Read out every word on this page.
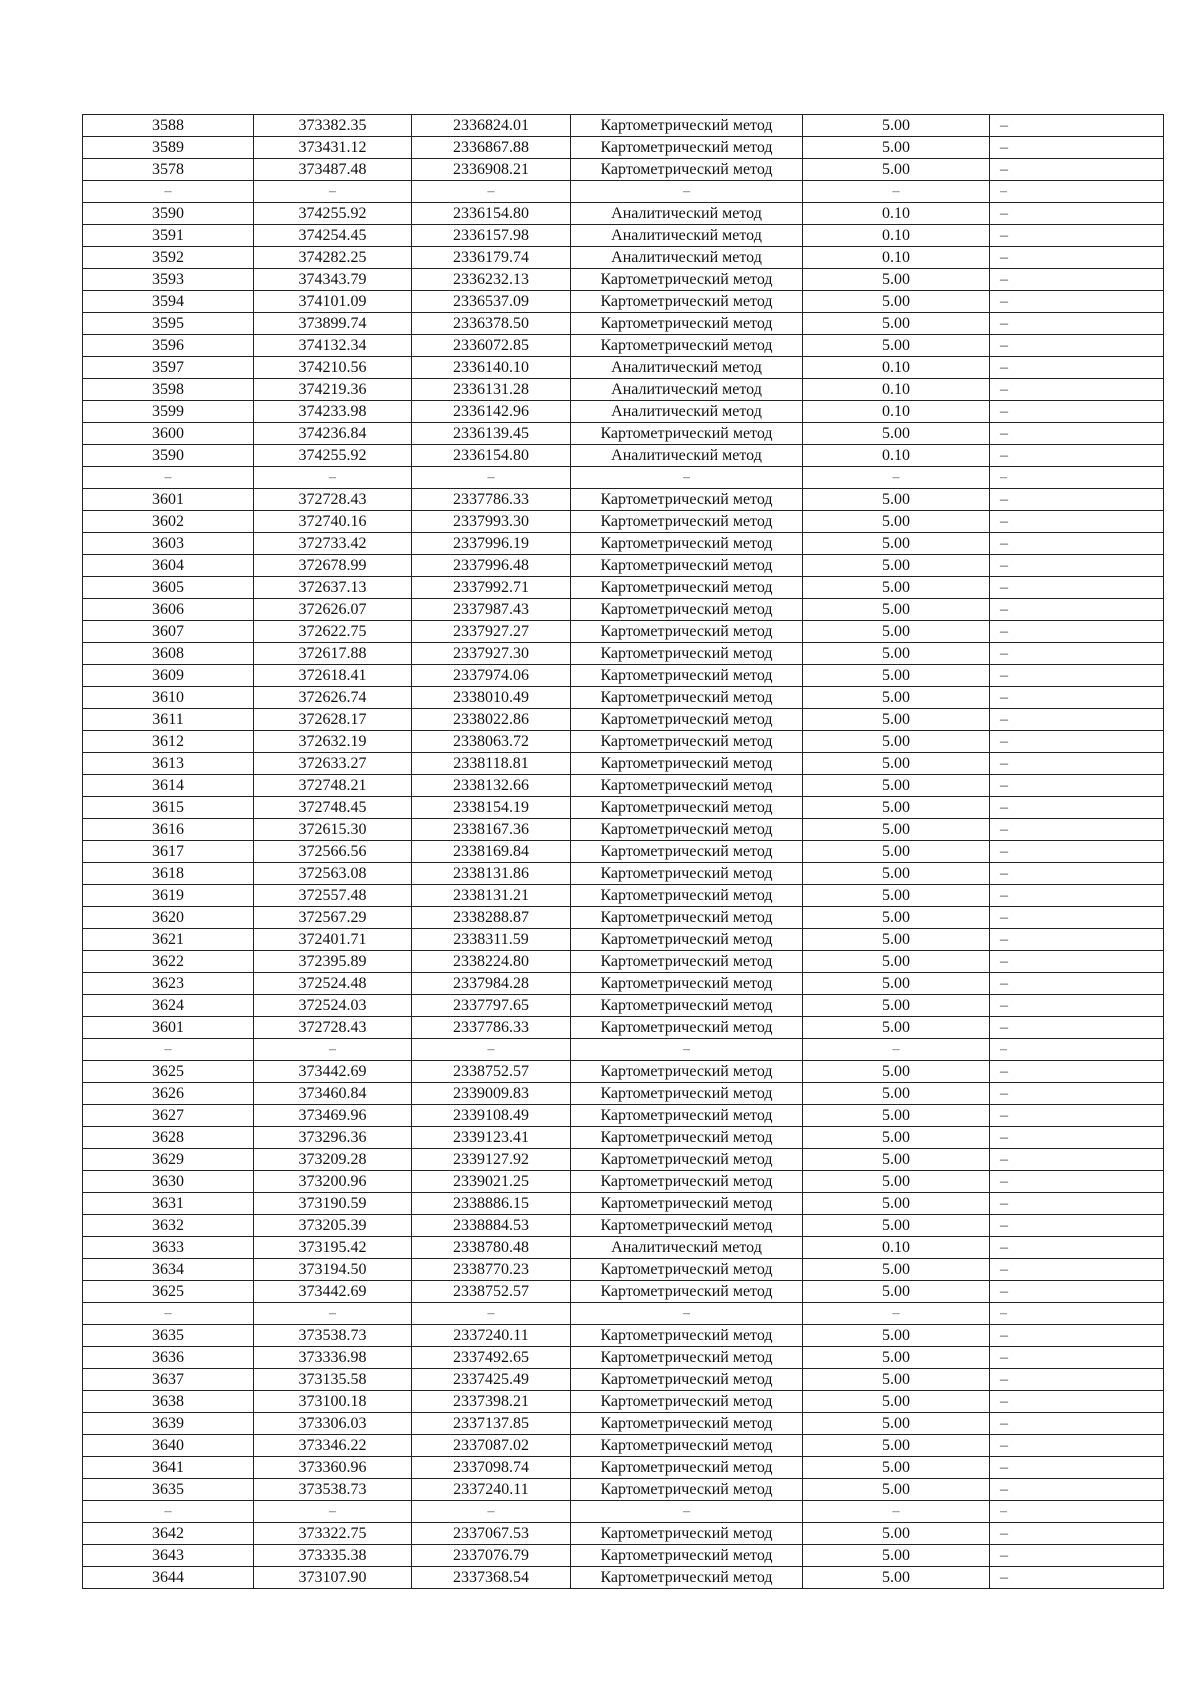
3588	373382.35	2336824.01	Картометрический метод	5.00	–
3589	373431.12	2336867.88	Картометрический метод	5.00	–
3578	373487.48	2336908.21	Картометрический метод	5.00	–
–	–	–	–	–	–
3590	374255.92	2336154.80	Аналитический метод	0.10	–
3591	374254.45	2336157.98	Аналитический метод	0.10	–
3592	374282.25	2336179.74	Аналитический метод	0.10	–
3593	374343.79	2336232.13	Картометрический метод	5.00	–
3594	374101.09	2336537.09	Картометрический метод	5.00	–
3595	373899.74	2336378.50	Картометрический метод	5.00	–
3596	374132.34	2336072.85	Картометрический метод	5.00	–
3597	374210.56	2336140.10	Аналитический метод	0.10	–
3598	374219.36	2336131.28	Аналитический метод	0.10	–
3599	374233.98	2336142.96	Аналитический метод	0.10	–
3600	374236.84	2336139.45	Картометрический метод	5.00	–
3590	374255.92	2336154.80	Аналитический метод	0.10	–
–	–	–	–	–	–
3601	372728.43	2337786.33	Картометрический метод	5.00	–
3602	372740.16	2337993.30	Картометрический метод	5.00	–
3603	372733.42	2337996.19	Картометрический метод	5.00	–
3604	372678.99	2337996.48	Картометрический метод	5.00	–
3605	372637.13	2337992.71	Картометрический метод	5.00	–
3606	372626.07	2337987.43	Картометрический метод	5.00	–
3607	372622.75	2337927.27	Картометрический метод	5.00	–
3608	372617.88	2337927.30	Картометрический метод	5.00	–
3609	372618.41	2337974.06	Картометрический метод	5.00	–
3610	372626.74	2338010.49	Картометрический метод	5.00	–
3611	372628.17	2338022.86	Картометрический метод	5.00	–
3612	372632.19	2338063.72	Картометрический метод	5.00	–
3613	372633.27	2338118.81	Картометрический метод	5.00	–
3614	372748.21	2338132.66	Картометрический метод	5.00	–
3615	372748.45	2338154.19	Картометрический метод	5.00	–
3616	372615.30	2338167.36	Картометрический метод	5.00	–
3617	372566.56	2338169.84	Картометрический метод	5.00	–
3618	372563.08	2338131.86	Картометрический метод	5.00	–
3619	372557.48	2338131.21	Картометрический метод	5.00	–
3620	372567.29	2338288.87	Картометрический метод	5.00	–
3621	372401.71	2338311.59	Картометрический метод	5.00	–
3622	372395.89	2338224.80	Картометрический метод	5.00	–
3623	372524.48	2337984.28	Картометрический метод	5.00	–
3624	372524.03	2337797.65	Картометрический метод	5.00	–
3601	372728.43	2337786.33	Картометрический метод	5.00	–
–	–	–	–	–	–
3625	373442.69	2338752.57	Картометрический метод	5.00	–
3626	373460.84	2339009.83	Картометрический метод	5.00	–
3627	373469.96	2339108.49	Картометрический метод	5.00	–
3628	373296.36	2339123.41	Картометрический метод	5.00	–
3629	373209.28	2339127.92	Картометрический метод	5.00	–
3630	373200.96	2339021.25	Картометрический метод	5.00	–
3631	373190.59	2338886.15	Картометрический метод	5.00	–
3632	373205.39	2338884.53	Картометрический метод	5.00	–
3633	373195.42	2338780.48	Аналитический метод	0.10	–
3634	373194.50	2338770.23	Картометрический метод	5.00	–
3625	373442.69	2338752.57	Картометрический метод	5.00	–
–	–	–	–	–	–
3635	373538.73	2337240.11	Картометрический метод	5.00	–
3636	373336.98	2337492.65	Картометрический метод	5.00	–
3637	373135.58	2337425.49	Картометрический метод	5.00	–
3638	373100.18	2337398.21	Картометрический метод	5.00	–
3639	373306.03	2337137.85	Картометрический метод	5.00	–
3640	373346.22	2337087.02	Картометрический метод	5.00	–
3641	373360.96	2337098.74	Картометрический метод	5.00	–
3635	373538.73	2337240.11	Картометрический метод	5.00	–
–	–	–	–	–	–
3642	373322.75	2337067.53	Картометрический метод	5.00	–
3643	373335.38	2337076.79	Картометрический метод	5.00	–
3644	373107.90	2337368.54	Картометрический метод	5.00	–
